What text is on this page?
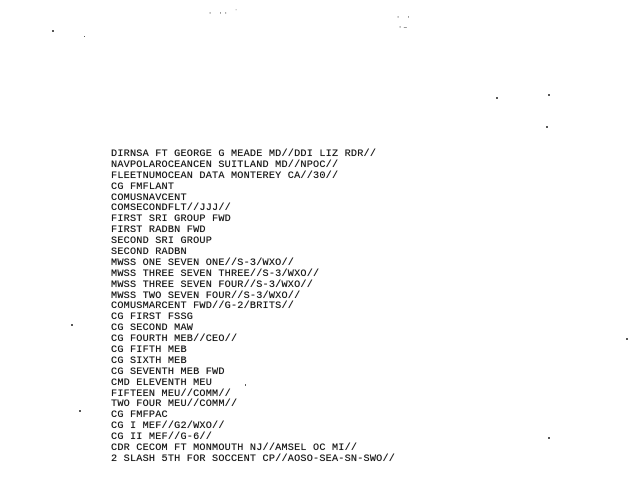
· ·· ˙	· ·
·–
DIRNSA FT GEORGE G MEADE MD//DDI LIZ RDR//
NAVPOLAROCEANCEN SUITLAND MD//NPOC//
FLEETNUMOCEAN DATA MONTEREY CA//30//
CG FMFLANT
COMUSNAVCENT
COMSECONDFLT//JJJ//
FIRST SRI GROUP FWD
FIRST RADBN FWD
SECOND SRI GROUP
SECOND RADBN
MWSS ONE SEVEN ONE//S-3/WXO//
MWSS THREE SEVEN THREE//S-3/WXO//
MWSS THREE SEVEN FOUR//S-3/WXO//
MWSS TWO SEVEN FOUR//S-3/WXO//
COMUSMARCENT FWD//G-2/BRITS//
CG FIRST FSSG
CG SECOND MAW
CG FOURTH MEB//CEO//
CG FIFTH MEB
CG SIXTH MEB
CG SEVENTH MEB FWD
CMD ELEVENTH MEU
FIFTEEN MEU//COMM//
TWO FOUR MEU//COMM//
CG FMFPAC
CG I MEF//G2/WXO//
CG II MEF//G-6//
CDR CECOM FT MONMOUTH NJ//AMSEL OC MI//
2 SLASH 5TH FOR SOCCENT CP//AOSO-SEA-SN-SWO//
